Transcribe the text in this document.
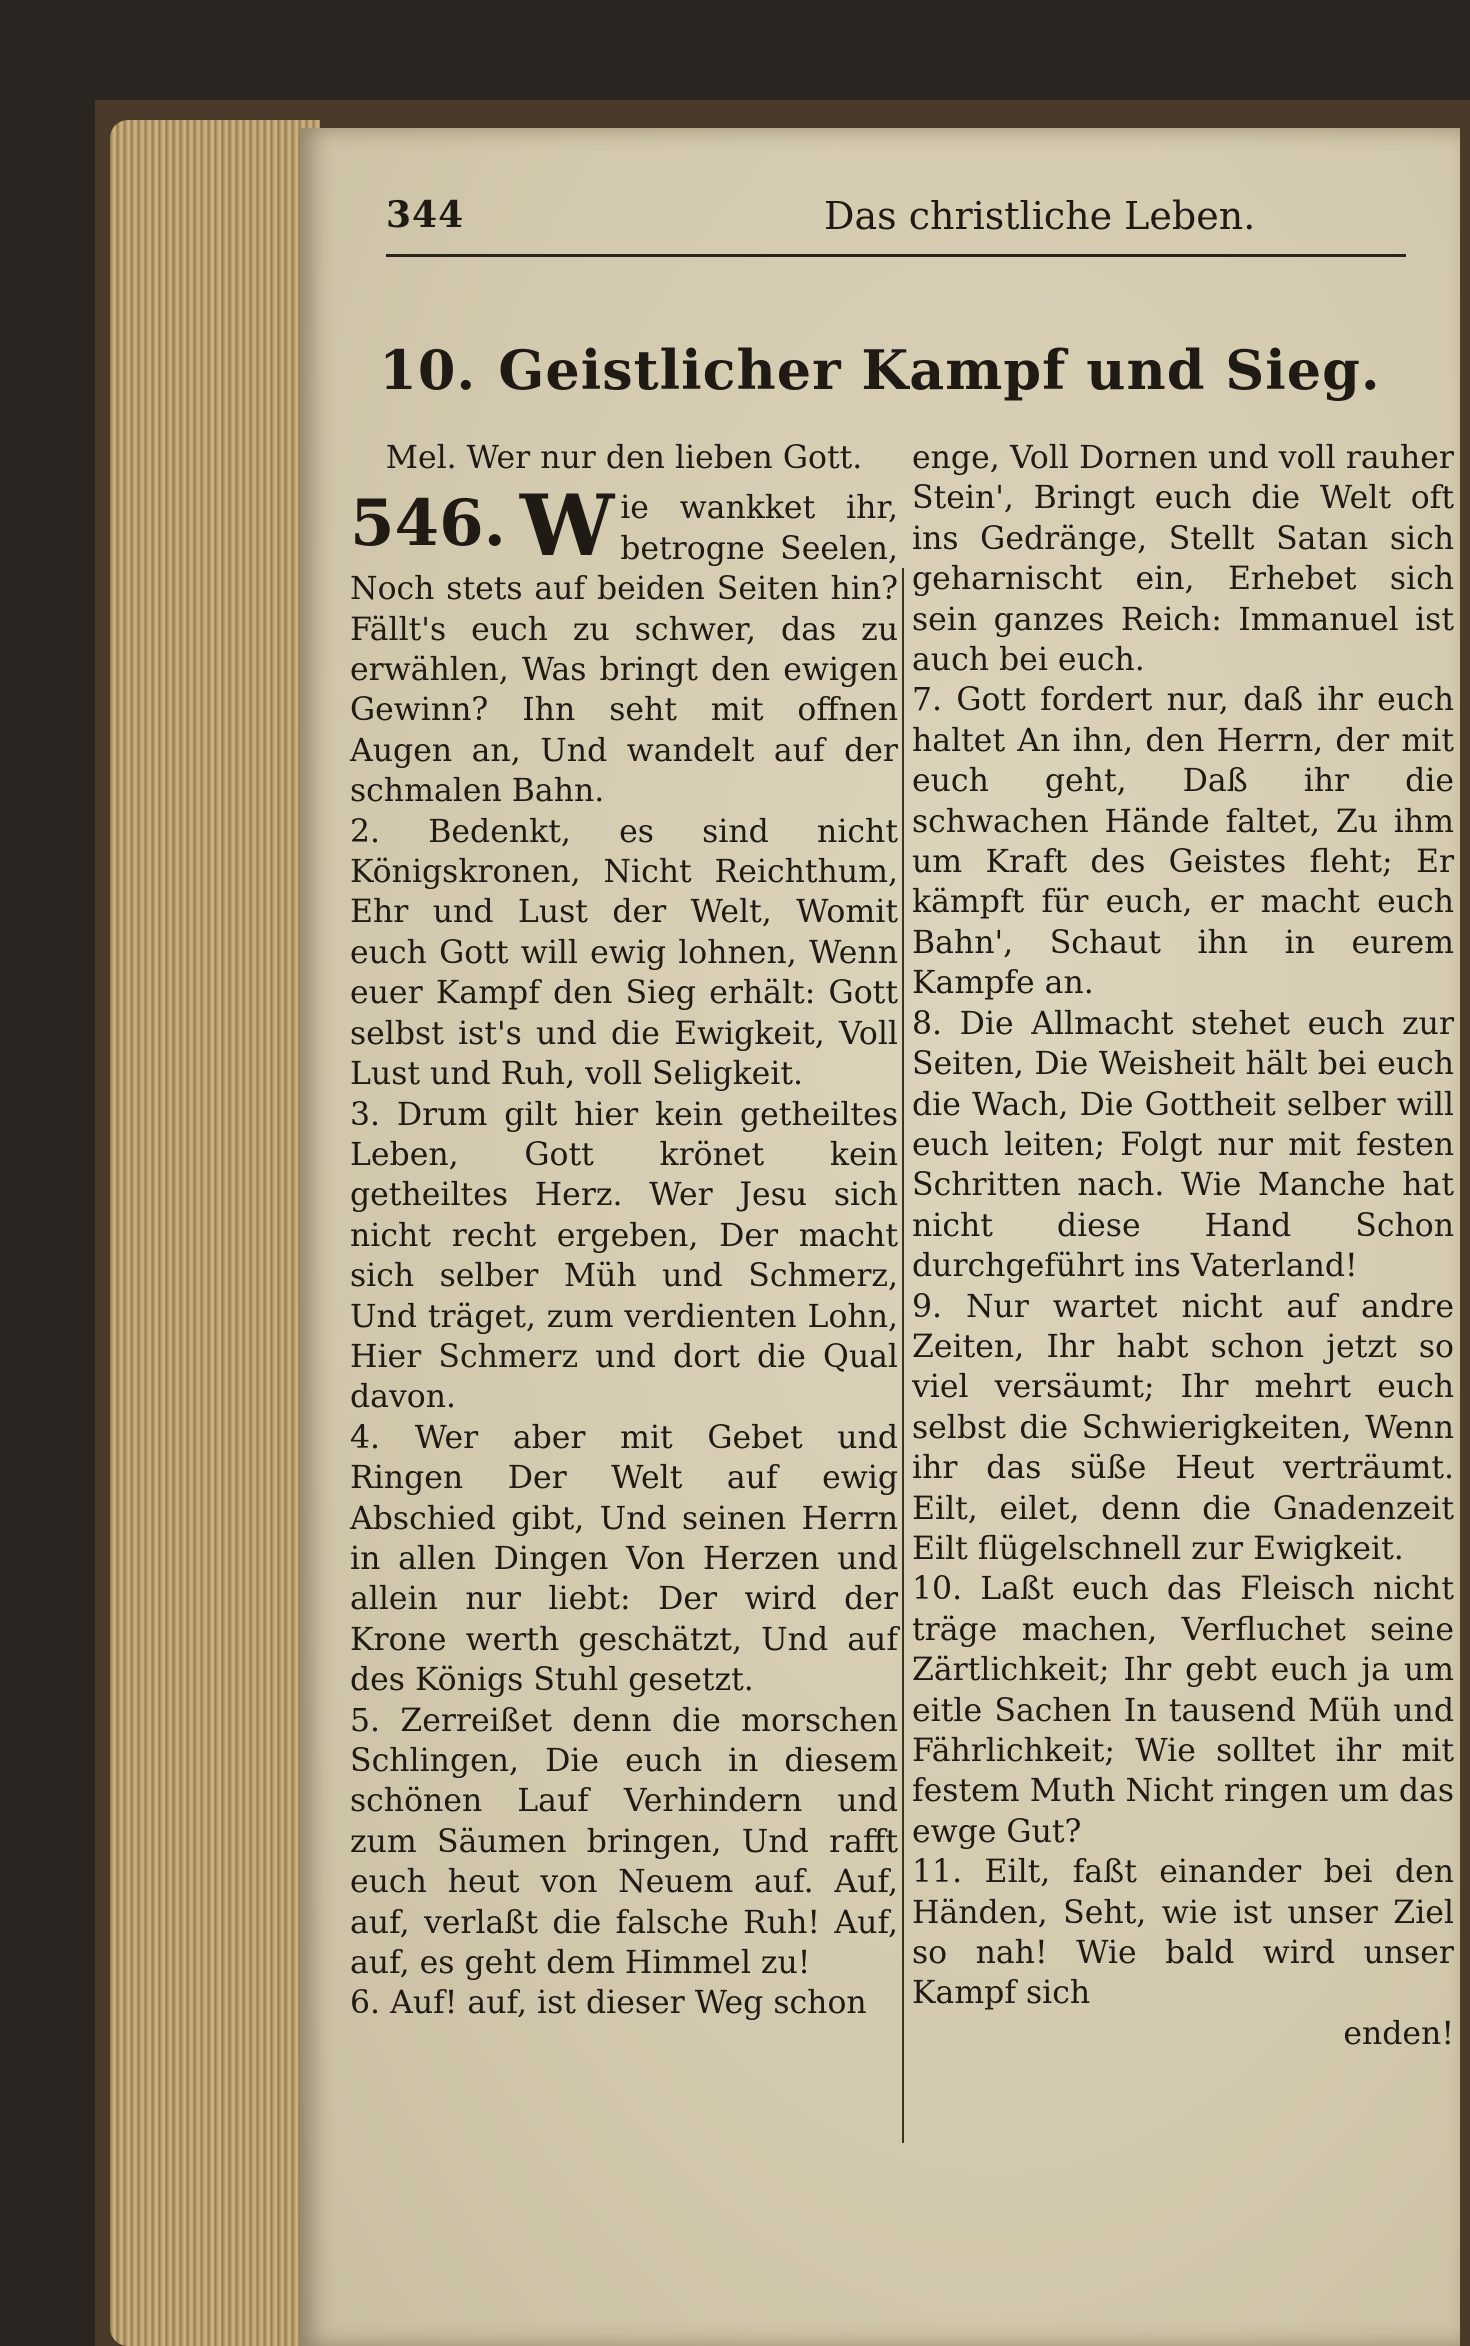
344	Das christliche Leben.
10. Geistlicher Kampf und Sieg.

Mel. Wer nur den lieben Gott.

546. W ie wankket ihr, betrogne Seelen, Noch stets auf beiden Seiten hin? Fällt's euch zu schwer, das zu erwählen, Was bringt den ewigen Gewinn? Ihn seht mit offnen Augen an, Und wandelt auf der schmalen Bahn.

2. Bedenkt, es sind nicht Königskronen, Nicht Reichthum, Ehr und Lust der Welt, Womit euch Gott will ewig lohnen, Wenn euer Kampf den Sieg erhält: Gott selbst ist's und die Ewigkeit, Voll Lust und Ruh, voll Seligkeit.

3. Drum gilt hier kein getheiltes Leben, Gott krönet kein getheiltes Herz. Wer Jesu sich nicht recht ergeben, Der macht sich selber Müh und Schmerz, Und träget, zum verdienten Lohn, Hier Schmerz und dort die Qual davon.

4. Wer aber mit Gebet und Ringen Der Welt auf ewig Abschied gibt, Und seinen Herrn in allen Dingen Von Herzen und allein nur liebt: Der wird der Krone werth geschätzt, Und auf des Königs Stuhl gesetzt.

5. Zerreißet denn die morschen Schlingen, Die euch in diesem schönen Lauf Verhindern und zum Säumen bringen, Und rafft euch heut von Neuem auf. Auf, auf, verlaßt die falsche Ruh! Auf, auf, es geht dem Himmel zu!

6. Auf! auf, ist dieser Weg schon

enge, Voll Dornen und voll rauher Stein', Bringt euch die Welt oft ins Gedränge, Stellt Satan sich geharnischt ein, Erhebet sich sein ganzes Reich: Immanuel ist auch bei euch.

7. Gott fordert nur, daß ihr euch haltet An ihn, den Herrn, der mit euch geht, Daß ihr die schwachen Hände faltet, Zu ihm um Kraft des Geistes fleht; Er kämpft für euch, er macht euch Bahn', Schaut ihn in eurem Kampfe an.

8. Die Allmacht stehet euch zur Seiten, Die Weisheit hält bei euch die Wach, Die Gottheit selber will euch leiten; Folgt nur mit festen Schritten nach. Wie Manche hat nicht diese Hand Schon durchgeführt ins Vaterland!

9. Nur wartet nicht auf andre Zeiten, Ihr habt schon jetzt so viel versäumt; Ihr mehrt euch selbst die Schwierigkeiten, Wenn ihr das süße Heut verträumt. Eilt, eilet, denn die Gnadenzeit Eilt flügelschnell zur Ewigkeit.

10. Laßt euch das Fleisch nicht träge machen, Verfluchet seine Zärtlichkeit; Ihr gebt euch ja um eitle Sachen In tausend Müh und Fährlichkeit; Wie solltet ihr mit festem Muth Nicht ringen um das ewge Gut?

11. Eilt, faßt einander bei den Händen, Seht, wie ist unser Ziel so nah! Wie bald wird unser Kampf sich

enden!
